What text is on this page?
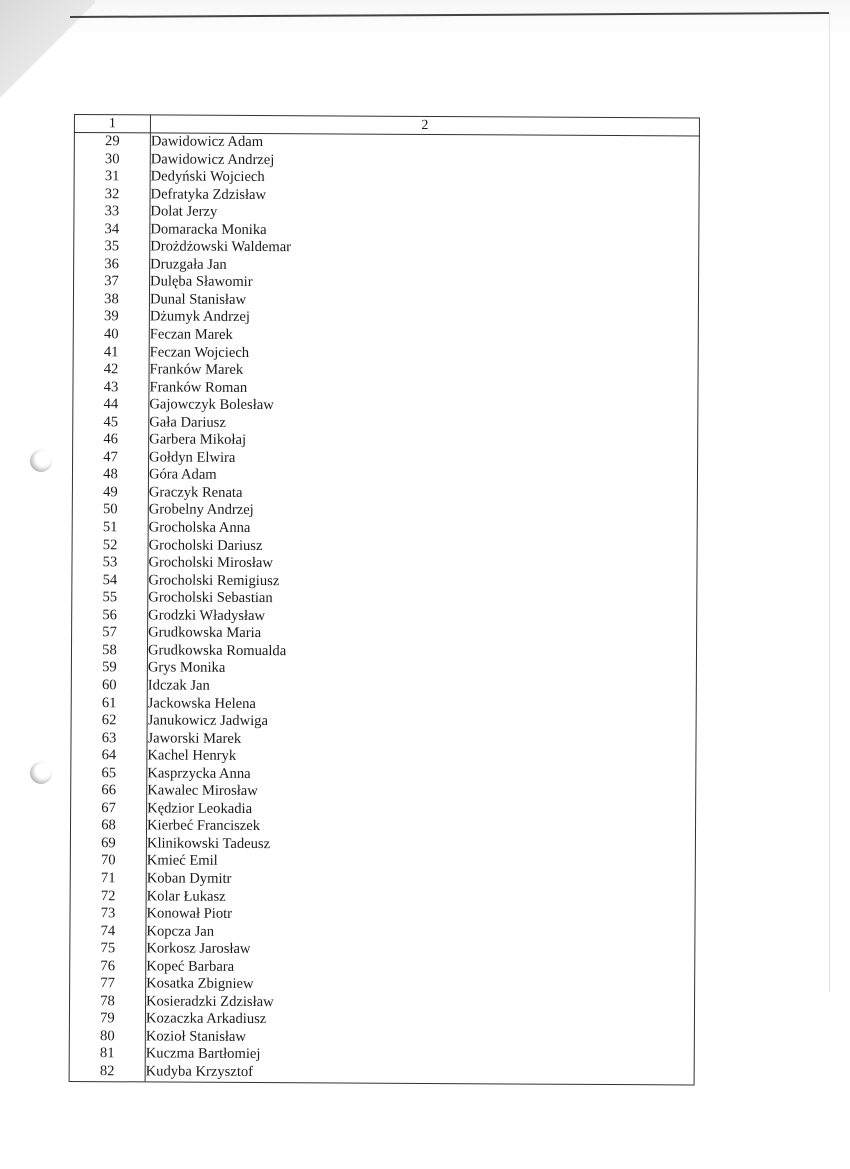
1	2
29	Dawidowicz Adam
30	Dawidowicz Andrzej
31	Dedyński Wojciech
32	Defratyka Zdzisław
33	Dolat Jerzy
34	Domaracka Monika
35	Drożdżowski Waldemar
36	Druzgała Jan
37	Dulęba Sławomir
38	Dunal Stanisław
39	Dżumyk Andrzej
40	Feczan Marek
41	Feczan Wojciech
42	Franków Marek
43	Franków Roman
44	Gajowczyk Bolesław
45	Gała Dariusz
46	Garbera Mikołaj
47	Gołdyn Elwira
48	Góra Adam
49	Graczyk Renata
50	Grobelny Andrzej
51	Grocholska Anna
52	Grocholski Dariusz
53	Grocholski Mirosław
54	Grocholski Remigiusz
55	Grocholski Sebastian
56	Grodzki Władysław
57	Grudkowska Maria
58	Grudkowska Romualda
59	Grys Monika
60	Idczak Jan
61	Jackowska Helena
62	Janukowicz Jadwiga
63	Jaworski Marek
64	Kachel Henryk
65	Kasprzycka Anna
66	Kawalec Mirosław
67	Kędzior Leokadia
68	Kierbeć Franciszek
69	Klinikowski Tadeusz
70	Kmieć Emil
71	Koban Dymitr
72	Kolar Łukasz
73	Konował Piotr
74	Kopcza Jan
75	Korkosz Jarosław
76	Kopeć Barbara
77	Kosatka Zbigniew
78	Kosieradzki Zdzisław
79	Kozaczka Arkadiusz
80	Kozioł Stanisław
81	Kuczma Bartłomiej
82	Kudyba Krzysztof
